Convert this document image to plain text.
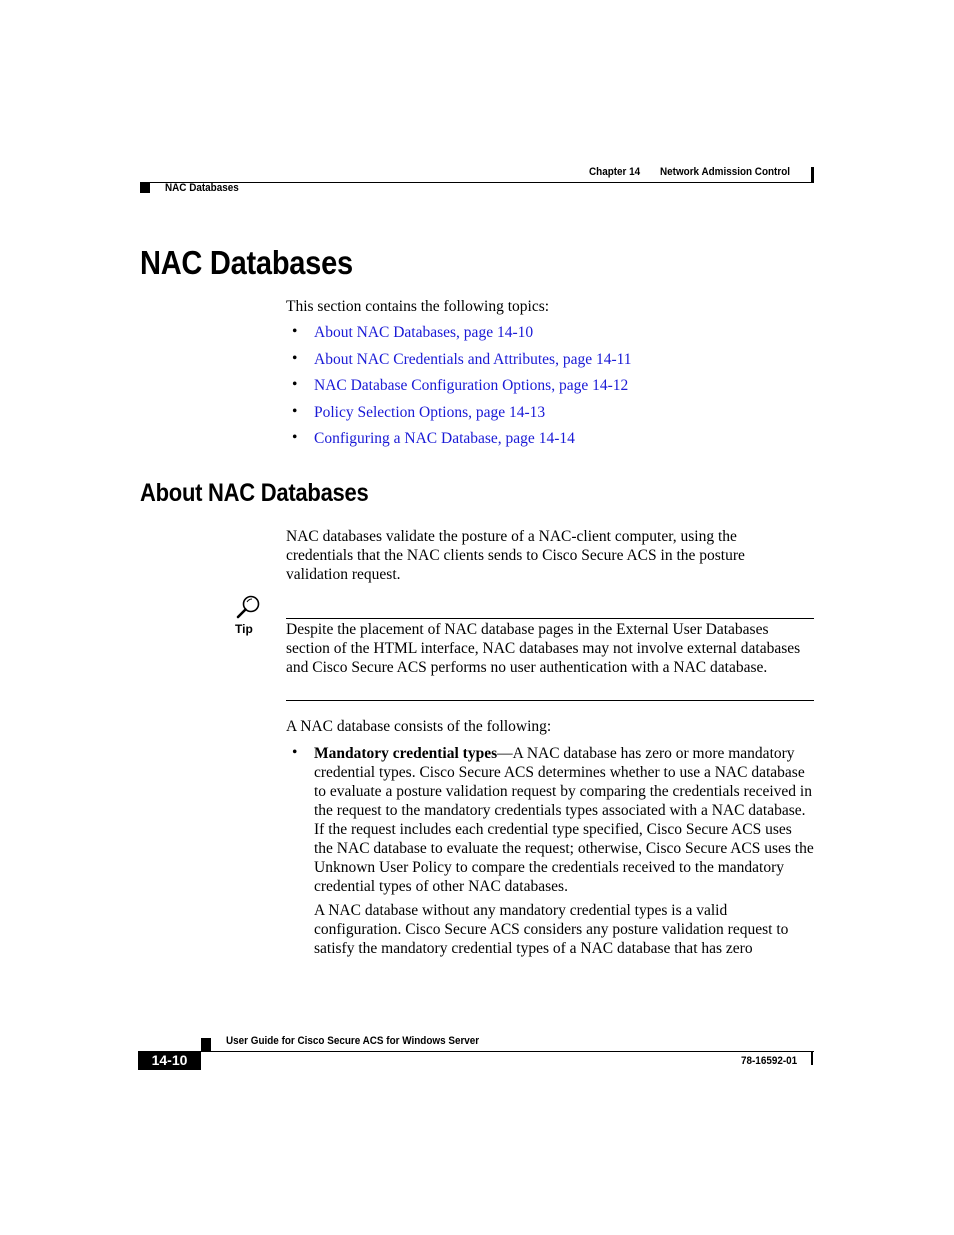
Chapter 14 Network Admission Control
NAC Databases
NAC Databases
This section contains the following topics:
• About NAC Databases, page 14-10
• About NAC Credentials and Attributes, page 14-11
• NAC Database Configuration Options, page 14-12
• Policy Selection Options, page 14-13
• Configuring a NAC Database, page 14-14
About NAC Databases
NAC databases validate the posture of a NAC-client computer, using the credentials that the NAC clients sends to Cisco Secure ACS in the posture validation request.
Tip Despite the placement of NAC database pages in the External User Databases section of the HTML interface, NAC databases may not involve external databases and Cisco Secure ACS performs no user authentication with a NAC database.
A NAC database consists of the following:
• Mandatory credential types—A NAC database has zero or more mandatory credential types. Cisco Secure ACS determines whether to use a NAC database to evaluate a posture validation request by comparing the credentials received in the request to the mandatory credentials types associated with a NAC database. If the request includes each credential type specified, Cisco Secure ACS uses the NAC database to evaluate the request; otherwise, Cisco Secure ACS uses the Unknown User Policy to compare the credentials received to the mandatory credential types of other NAC databases.
A NAC database without any mandatory credential types is a valid configuration. Cisco Secure ACS considers any posture validation request to satisfy the mandatory credential types of a NAC database that has zero
User Guide for Cisco Secure ACS for Windows Server
14-10	78-16592-01
